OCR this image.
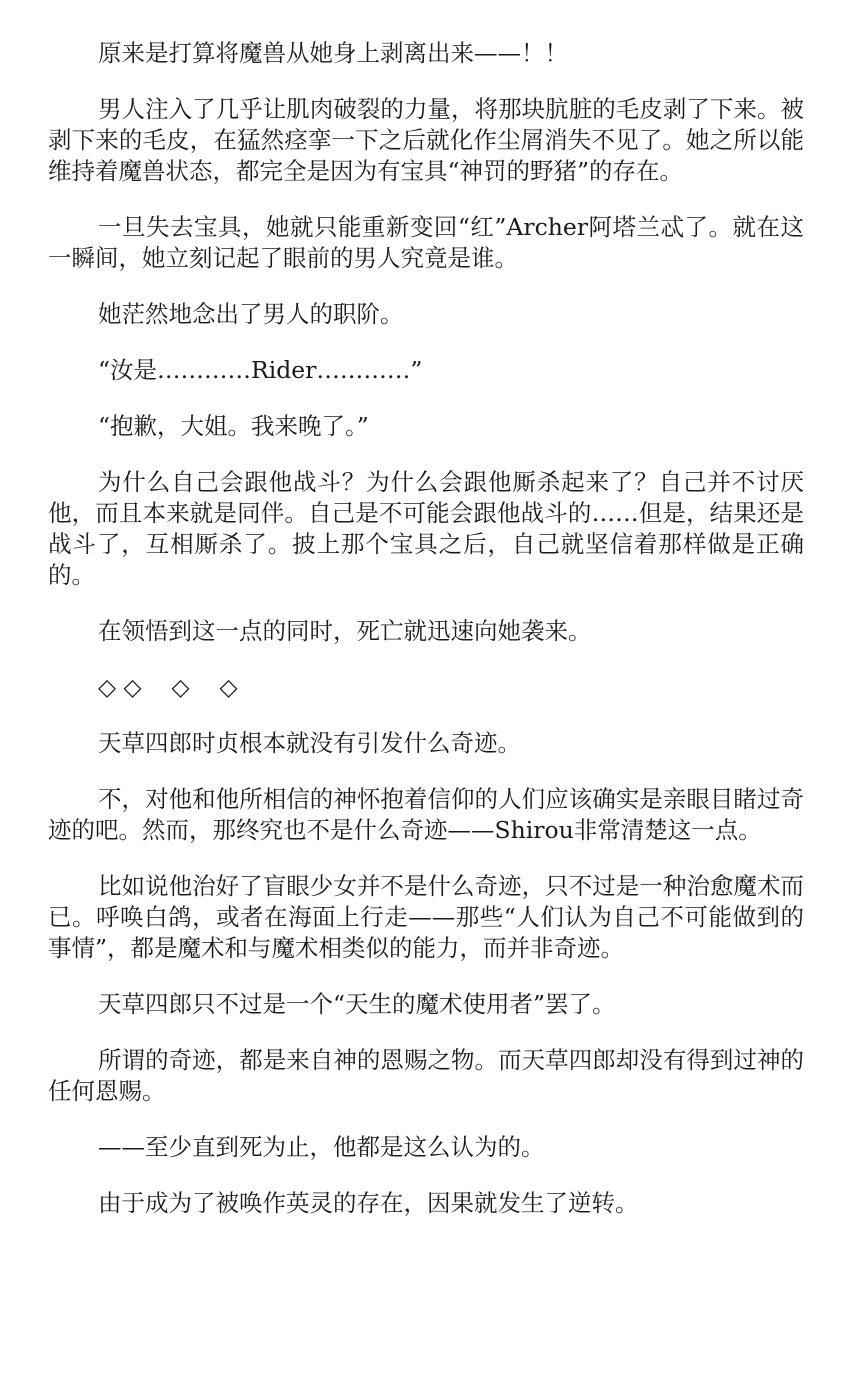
原来是打算将魔兽从她身上剥离出来——！！

男人注入了几乎让肌肉破裂的力量，将那块肮脏的毛皮剥了下来。被剥下来的毛皮，在猛然痉挛一下之后就化作尘屑消失不见了。她之所以能维持着魔兽状态，都完全是因为有宝具“神罚的野猪”的存在。

一旦失去宝具，她就只能重新变回“红”Archer阿塔兰忒了。就在这一瞬间，她立刻记起了眼前的男人究竟是谁。

她茫然地念出了男人的职阶。

“汝是…………Rider…………”

“抱歉，大姐。我来晚了。”

为什么自己会跟他战斗？为什么会跟他厮杀起来了？自己并不讨厌他，而且本来就是同伴。自己是不可能会跟他战斗的……但是，结果还是战斗了，互相厮杀了。披上那个宝具之后，自己就坚信着那样做是正确的。

在领悟到这一点的同时，死亡就迅速向她袭来。

◇ ◇    ◇    ◇

天草四郎时贞根本就没有引发什么奇迹。

不，对他和他所相信的神怀抱着信仰的人们应该确实是亲眼目睹过奇迹的吧。然而，那终究也不是什么奇迹——Shirou非常清楚这一点。

比如说他治好了盲眼少女并不是什么奇迹，只不过是一种治愈魔术而已。呼唤白鸽，或者在海面上行走——那些“人们认为自己不可能做到的事情”，都是魔术和与魔术相类似的能力，而并非奇迹。

天草四郎只不过是一个“天生的魔术使用者”罢了。

所谓的奇迹，都是来自神的恩赐之物。而天草四郎却没有得到过神的任何恩赐。

——至少直到死为止，他都是这么认为的。

由于成为了被唤作英灵的存在，因果就发生了逆转。
